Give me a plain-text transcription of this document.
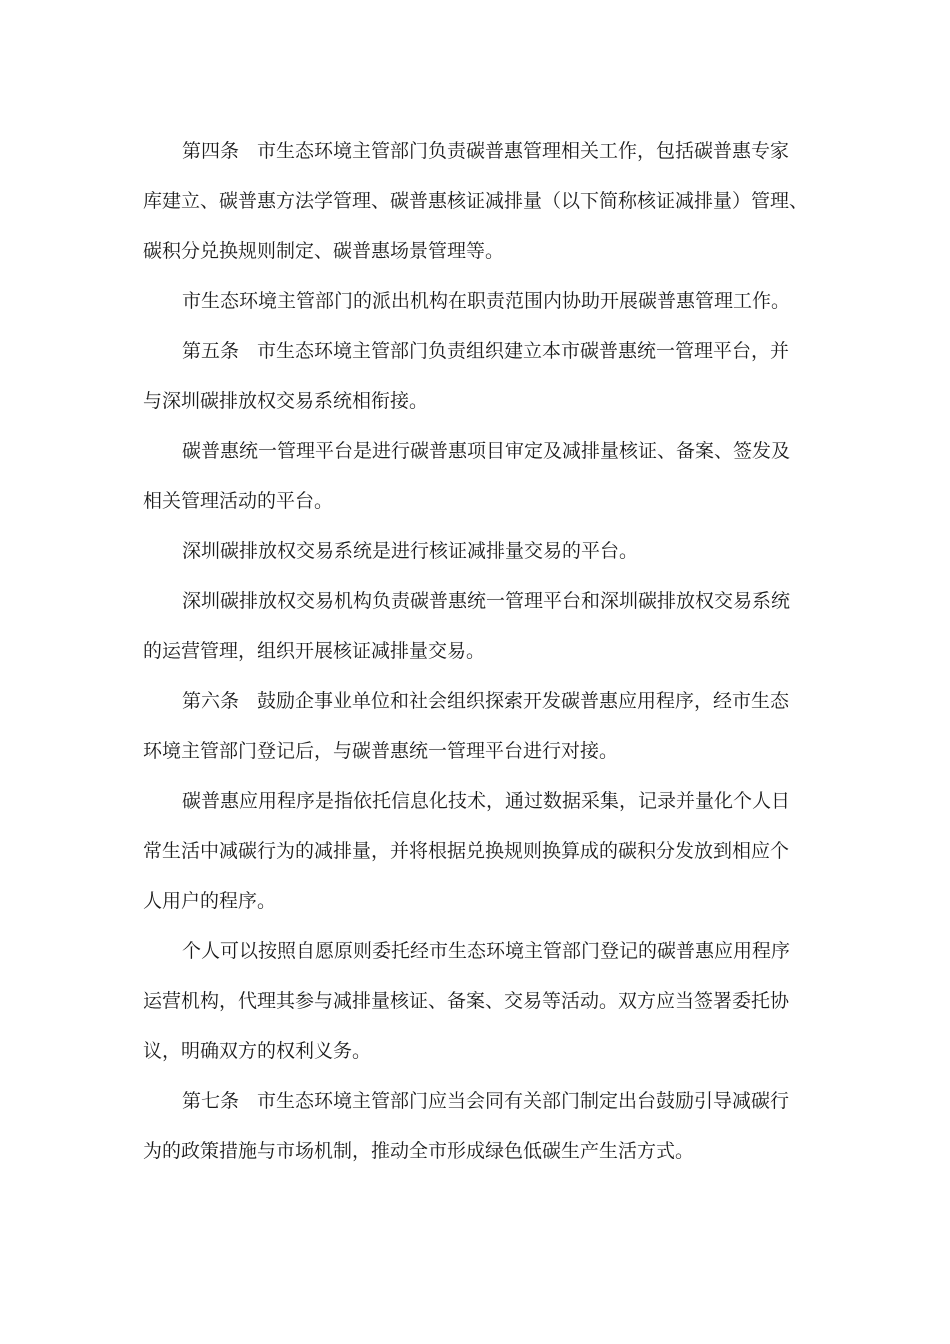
第四条 市生态环境主管部门负责碳普惠管理相关工作，包括碳普惠专家
库建立、碳普惠方法学管理、碳普惠核证减排量（以下简称核证减排量）管理、
碳积分兑换规则制定、碳普惠场景管理等。
市生态环境主管部门的派出机构在职责范围内协助开展碳普惠管理工作。
第五条 市生态环境主管部门负责组织建立本市碳普惠统一管理平台，并
与深圳碳排放权交易系统相衔接。
碳普惠统一管理平台是进行碳普惠项目审定及减排量核证、备案、签发及
相关管理活动的平台。
深圳碳排放权交易系统是进行核证减排量交易的平台。
深圳碳排放权交易机构负责碳普惠统一管理平台和深圳碳排放权交易系统
的运营管理，组织开展核证减排量交易。
第六条 鼓励企事业单位和社会组织探索开发碳普惠应用程序，经市生态
环境主管部门登记后，与碳普惠统一管理平台进行对接。
碳普惠应用程序是指依托信息化技术，通过数据采集，记录并量化个人日
常生活中减碳行为的减排量，并将根据兑换规则换算成的碳积分发放到相应个
人用户的程序。
个人可以按照自愿原则委托经市生态环境主管部门登记的碳普惠应用程序
运营机构，代理其参与减排量核证、备案、交易等活动。双方应当签署委托协
议，明确双方的权利义务。
第七条 市生态环境主管部门应当会同有关部门制定出台鼓励引导减碳行
为的政策措施与市场机制，推动全市形成绿色低碳生产生活方式。
